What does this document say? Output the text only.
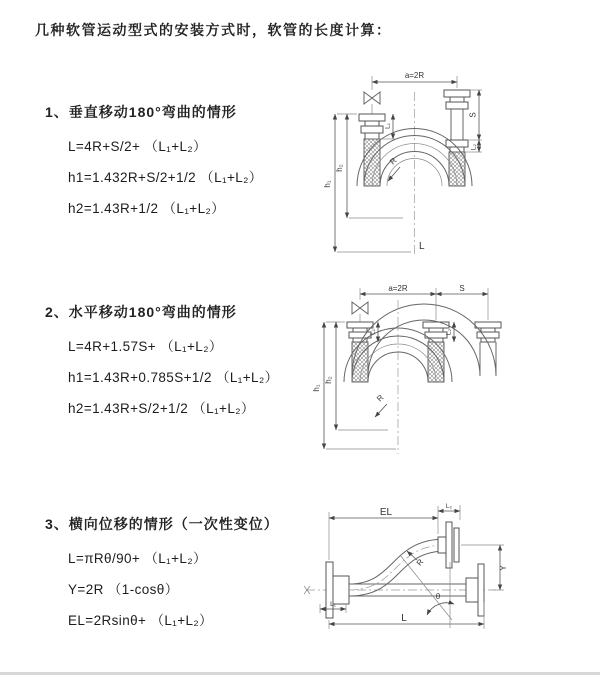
几种软管运动型式的安装方式时，软管的长度计算：
1、垂直移动180°弯曲的情形
L=4R+S/2+ （L₁+L₂）
h1=1.432R+S/2+1/2 （L₁+L₂）
h2=1.43R+1/2 （L₁+L₂）
2、水平移动180°弯曲的情形
L=4R+1.57S+ （L₁+L₂）
h1=1.43R+0.785S+1/2 （L₁+L₂）
h2=1.43R+S/2+1/2 （L₁+L₂）
3、横向位移的情形（一次性变位）
L=πRθ/90+ （L₁+L₂）
Y=2R （1-cosθ）
EL=2Rsinθ+ （L₁+L₂）
a=2R
R
h₁
h₂
L₁
S
L₂
L
a=2R	S
R
h₁
h₂
L₁	L₂
EL
L₂
Y
L
L₁
θ
R
